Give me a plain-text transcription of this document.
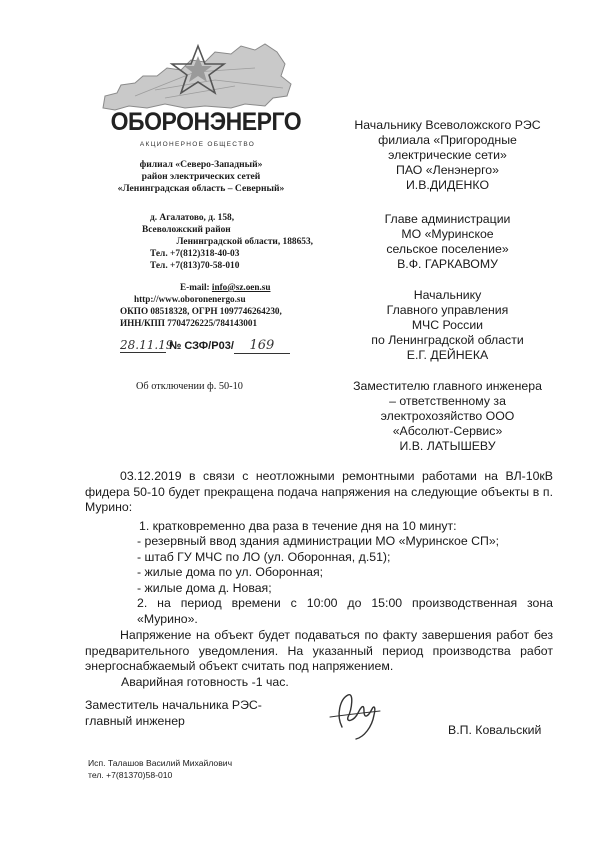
ОБОРОНЭНЕРГО
АКЦИОНЕРНОЕ ОБЩЕСТВО
филиал «Северо-Западный»
район электрических сетей
«Ленинградская область – Северный»
д. Агалатово, д. 158,
Всеволожский район
Ленинградской области, 188653,
Тел. +7(812)318-40-03
Тел. +7(813)70-58-010
E-mail: info@sz.oen.su
http://www.oboronenergo.su
ОКПО 08518328, ОГРН 1097746264230,
ИНН/КПП 7704726225/784143001
28.11.19 № СЗФ/Р03/ 169
Об отключении ф. 50-10
Начальнику Всеволожского РЭС
филиала «Пригородные
электрические сети»
ПАО «Ленэнерго»
И.В.ДИДЕНКО
Главе администрации
МО «Муринское
сельское поселение»
В.Ф. ГАРКАВОМУ
Начальнику
Главного управления
МЧС России
по Ленинградской области
Е.Г. ДЕЙНЕКА
Заместителю главного инженера
– ответственному за
электрохозяйство ООО
«Абсолют-Сервис»
И.В. ЛАТЫШЕВУ
03.12.2019 в связи с неотложными ремонтными работами на ВЛ-10кВ фидера 50-10 будет прекращена подача напряжения на следующие объекты в п. Мурино:
1. кратковременно два раза в течение дня на 10 минут:
- резервный ввод здания администрации МО «Муринское СП»;
- штаб ГУ МЧС по ЛО (ул. Оборонная, д.51);
- жилые дома по ул. Оборонная;
- жилые дома д. Новая;
2. на период времени с 10:00 до 15:00 производственная зона «Мурино».
Напряжение на объект будет подаваться по факту завершения работ без предварительного уведомления. На указанный период производства работ энергоснабжаемый объект считать под напряжением.
Аварийная готовность -1 час.
Заместитель начальника РЭС-
главный инженер
В.П. Ковальский
Исп. Талашов Василий Михайлович
тел. +7(81370)58-010
